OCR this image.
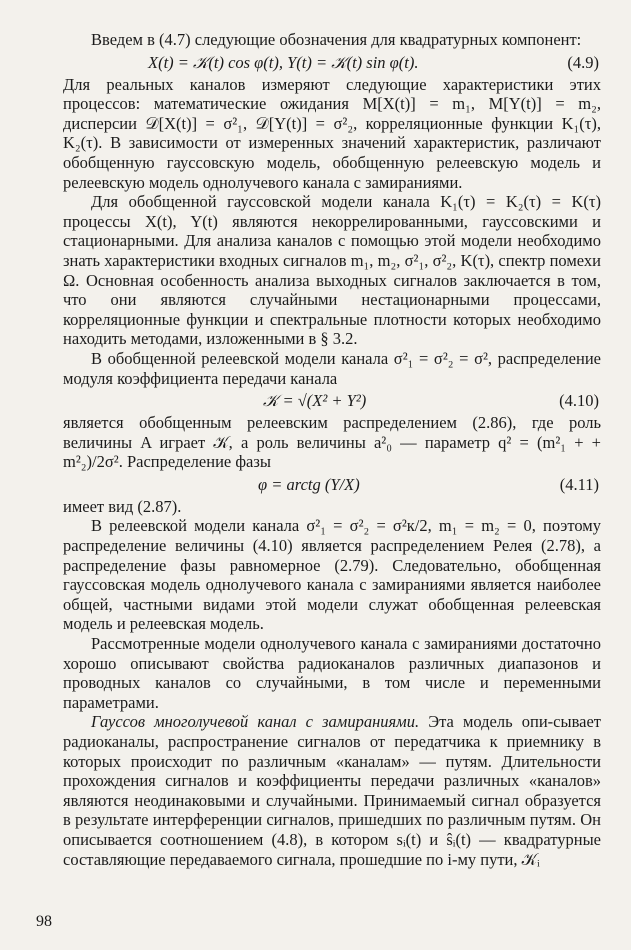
Введем в (4.7) следующие обозначения для квадратурных компонент:

X(t) = 𝒦(t) cos φ(t), Y(t) = 𝒦(t) sin φ(t).	(4.9)

Для реальных каналов измеряют следующие характеристики этих процессов: математические ожидания M[X(t)] = m₁, M[Y(t)] = m₂, дисперсии 𝒟[X(t)] = σ²₁, 𝒟[Y(t)] = σ²₂, корреляционные функции K₁(τ), K₂(τ). В зависимости от измеренных значений характеристик, различают обобщенную гауссовскую модель, обобщенную релеевскую модель и релеевскую модель однолучевого канала с замираниями.

Для обобщенной гауссовской модели канала K₁(τ) = K₂(τ) = K(τ) процессы X(t), Y(t) являются некоррелированными, гауссовскими и стационарными. Для анализа каналов с помощью этой модели необходимо знать характеристики входных сигналов m₁, m₂, σ²₁, σ²₂, K(τ), спектр помехи Ω. Основная особенность анализа выходных сигналов заключается в том, что они являются случайными нестационарными процессами, корреляционные функции и спектральные плотности которых необходимо находить методами, изложенными в § 3.2.

В обобщенной релеевской модели канала σ²₁ = σ²₂ = σ², распределение модуля коэффициента передачи канала

𝒦 = √(X² + Y²)	(4.10)

является обобщенным релеевским распределением (2.86), где роль величины A играет 𝒦, а роль величины a²₀ — параметр q² = (m²₁ + + m²₂)/2σ². Распределение фазы

φ = arctg (Y/X)	(4.11)

имеет вид (2.87).

В релеевской модели канала σ²₁ = σ²₂ = σ²к/2, m₁ = m₂ = 0, поэтому распределение величины (4.10) является распределением Релея (2.78), а распределение фазы равномерное (2.79). Следовательно, обобщенная гауссовская модель однолучевого канала с замираниями является наиболее общей, частными видами этой модели служат обобщенная релеевская модель и релеевская модель.

Рассмотренные модели однолучевого канала с замираниями достаточно хорошо описывают свойства радиоканалов различных диапазонов и проводных каналов со случайными, в том числе и переменными параметрами.

Гауссов многолучевой канал с замираниями. Эта модель опи-сывает радиоканалы, распространение сигналов от передатчика к приемнику в которых происходит по различным «каналам» — путям. Длительности прохождения сигналов и коэффициенты передачи различных «каналов» являются неодинаковыми и случайными. Принимаемый сигнал образуется в результате интерференции сигналов, пришедших по различным путям. Он описывается соотношением (4.8), в котором sᵢ(t) и ŝᵢ(t) — квадратурные составляющие передаваемого сигнала, прошедшие по i-му пути, 𝒦ᵢ

98
